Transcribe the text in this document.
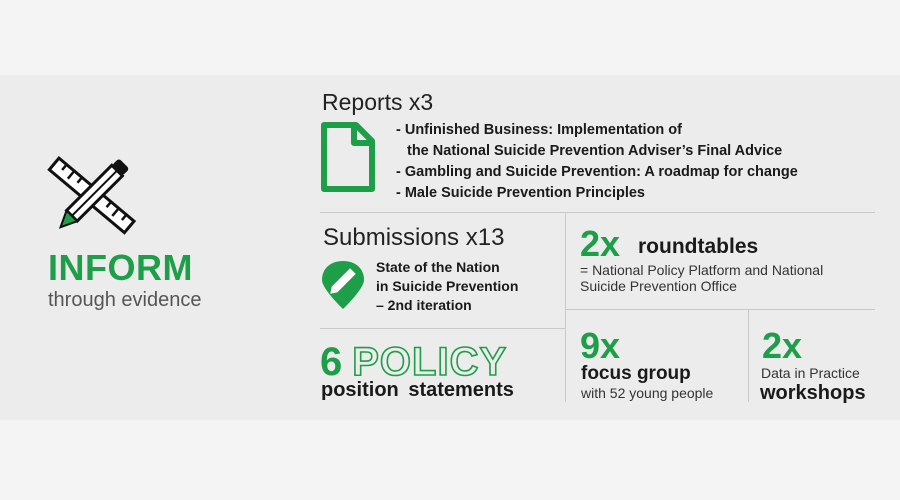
INFORM
through evidence
Reports x3
- Unfinished Business: Implementation of
the National Suicide Prevention Adviser’s Final Advice
- Gambling and Suicide Prevention: A roadmap for change
- Male Suicide Prevention Principles
Submissions x13
State of the Nation
in Suicide Prevention
– 2nd iteration
6 POLICY
position statements
2x roundtables
= National Policy Platform and National Suicide Prevention Office
9x
focus group
with 52 young people
2x
Data in Practice
workshops
